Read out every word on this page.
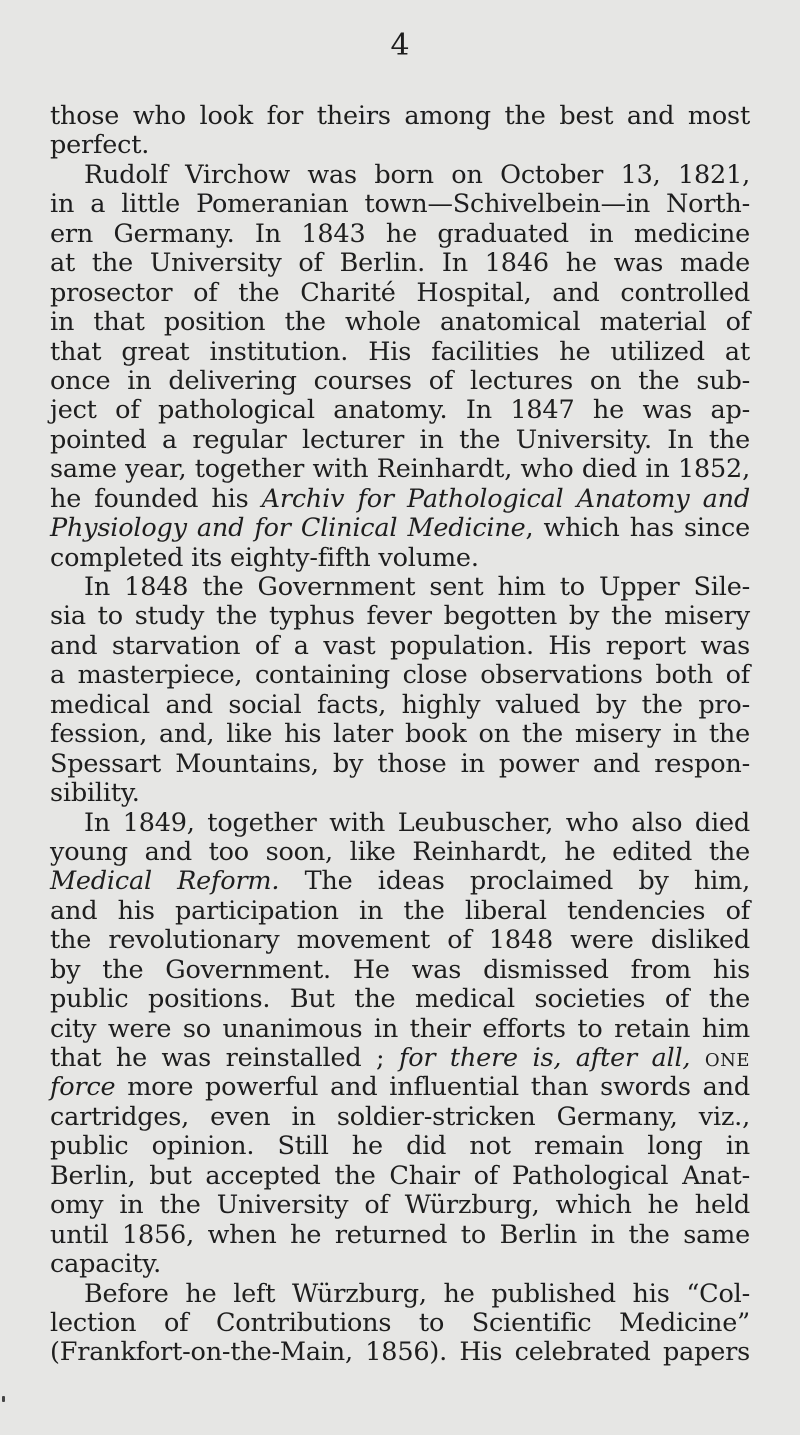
4
those who look for theirs among the best and most
perfect.
Rudolf Virchow was born on October 13, 1821,
in a little Pomeranian town—Schivelbein—in North-
ern Germany. In 1843 he graduated in medicine
at the University of Berlin. In 1846 he was made
prosector of the Charité Hospital, and controlled
in that position the whole anatomical material of
that great institution. His facilities he utilized at
once in delivering courses of lectures on the sub-
ject of pathological anatomy. In 1847 he was ap-
pointed a regular lecturer in the University. In the
same year, together with Reinhardt, who died in 1852,
he founded his Archiv for Pathological Anatomy and
Physiology and for Clinical Medicine, which has since
completed its eighty-fifth volume.
In 1848 the Government sent him to Upper Sile-
sia to study the typhus fever begotten by the misery
and starvation of a vast population. His report was
a masterpiece, containing close observations both of
medical and social facts, highly valued by the pro-
fession, and, like his later book on the misery in the
Spessart Mountains, by those in power and respon-
sibility.
In 1849, together with Leubuscher, who also died
young and too soon, like Reinhardt, he edited the
Medical Reform. The ideas proclaimed by him,
and his participation in the liberal tendencies of
the revolutionary movement of 1848 were disliked
by the Government. He was dismissed from his
public positions. But the medical societies of the
city were so unanimous in their efforts to retain him
that he was reinstalled ; for there is, after all, one
force more powerful and influential than swords and
cartridges, even in soldier-stricken Germany, viz.,
public opinion. Still he did not remain long in
Berlin, but accepted the Chair of Pathological Anat-
omy in the University of Würzburg, which he held
until 1856, when he returned to Berlin in the same
capacity.
Before he left Würzburg, he published his “Col-
lection of Contributions to Scientific Medicine”
(Frankfort-on-the-Main, 1856). His celebrated papers
